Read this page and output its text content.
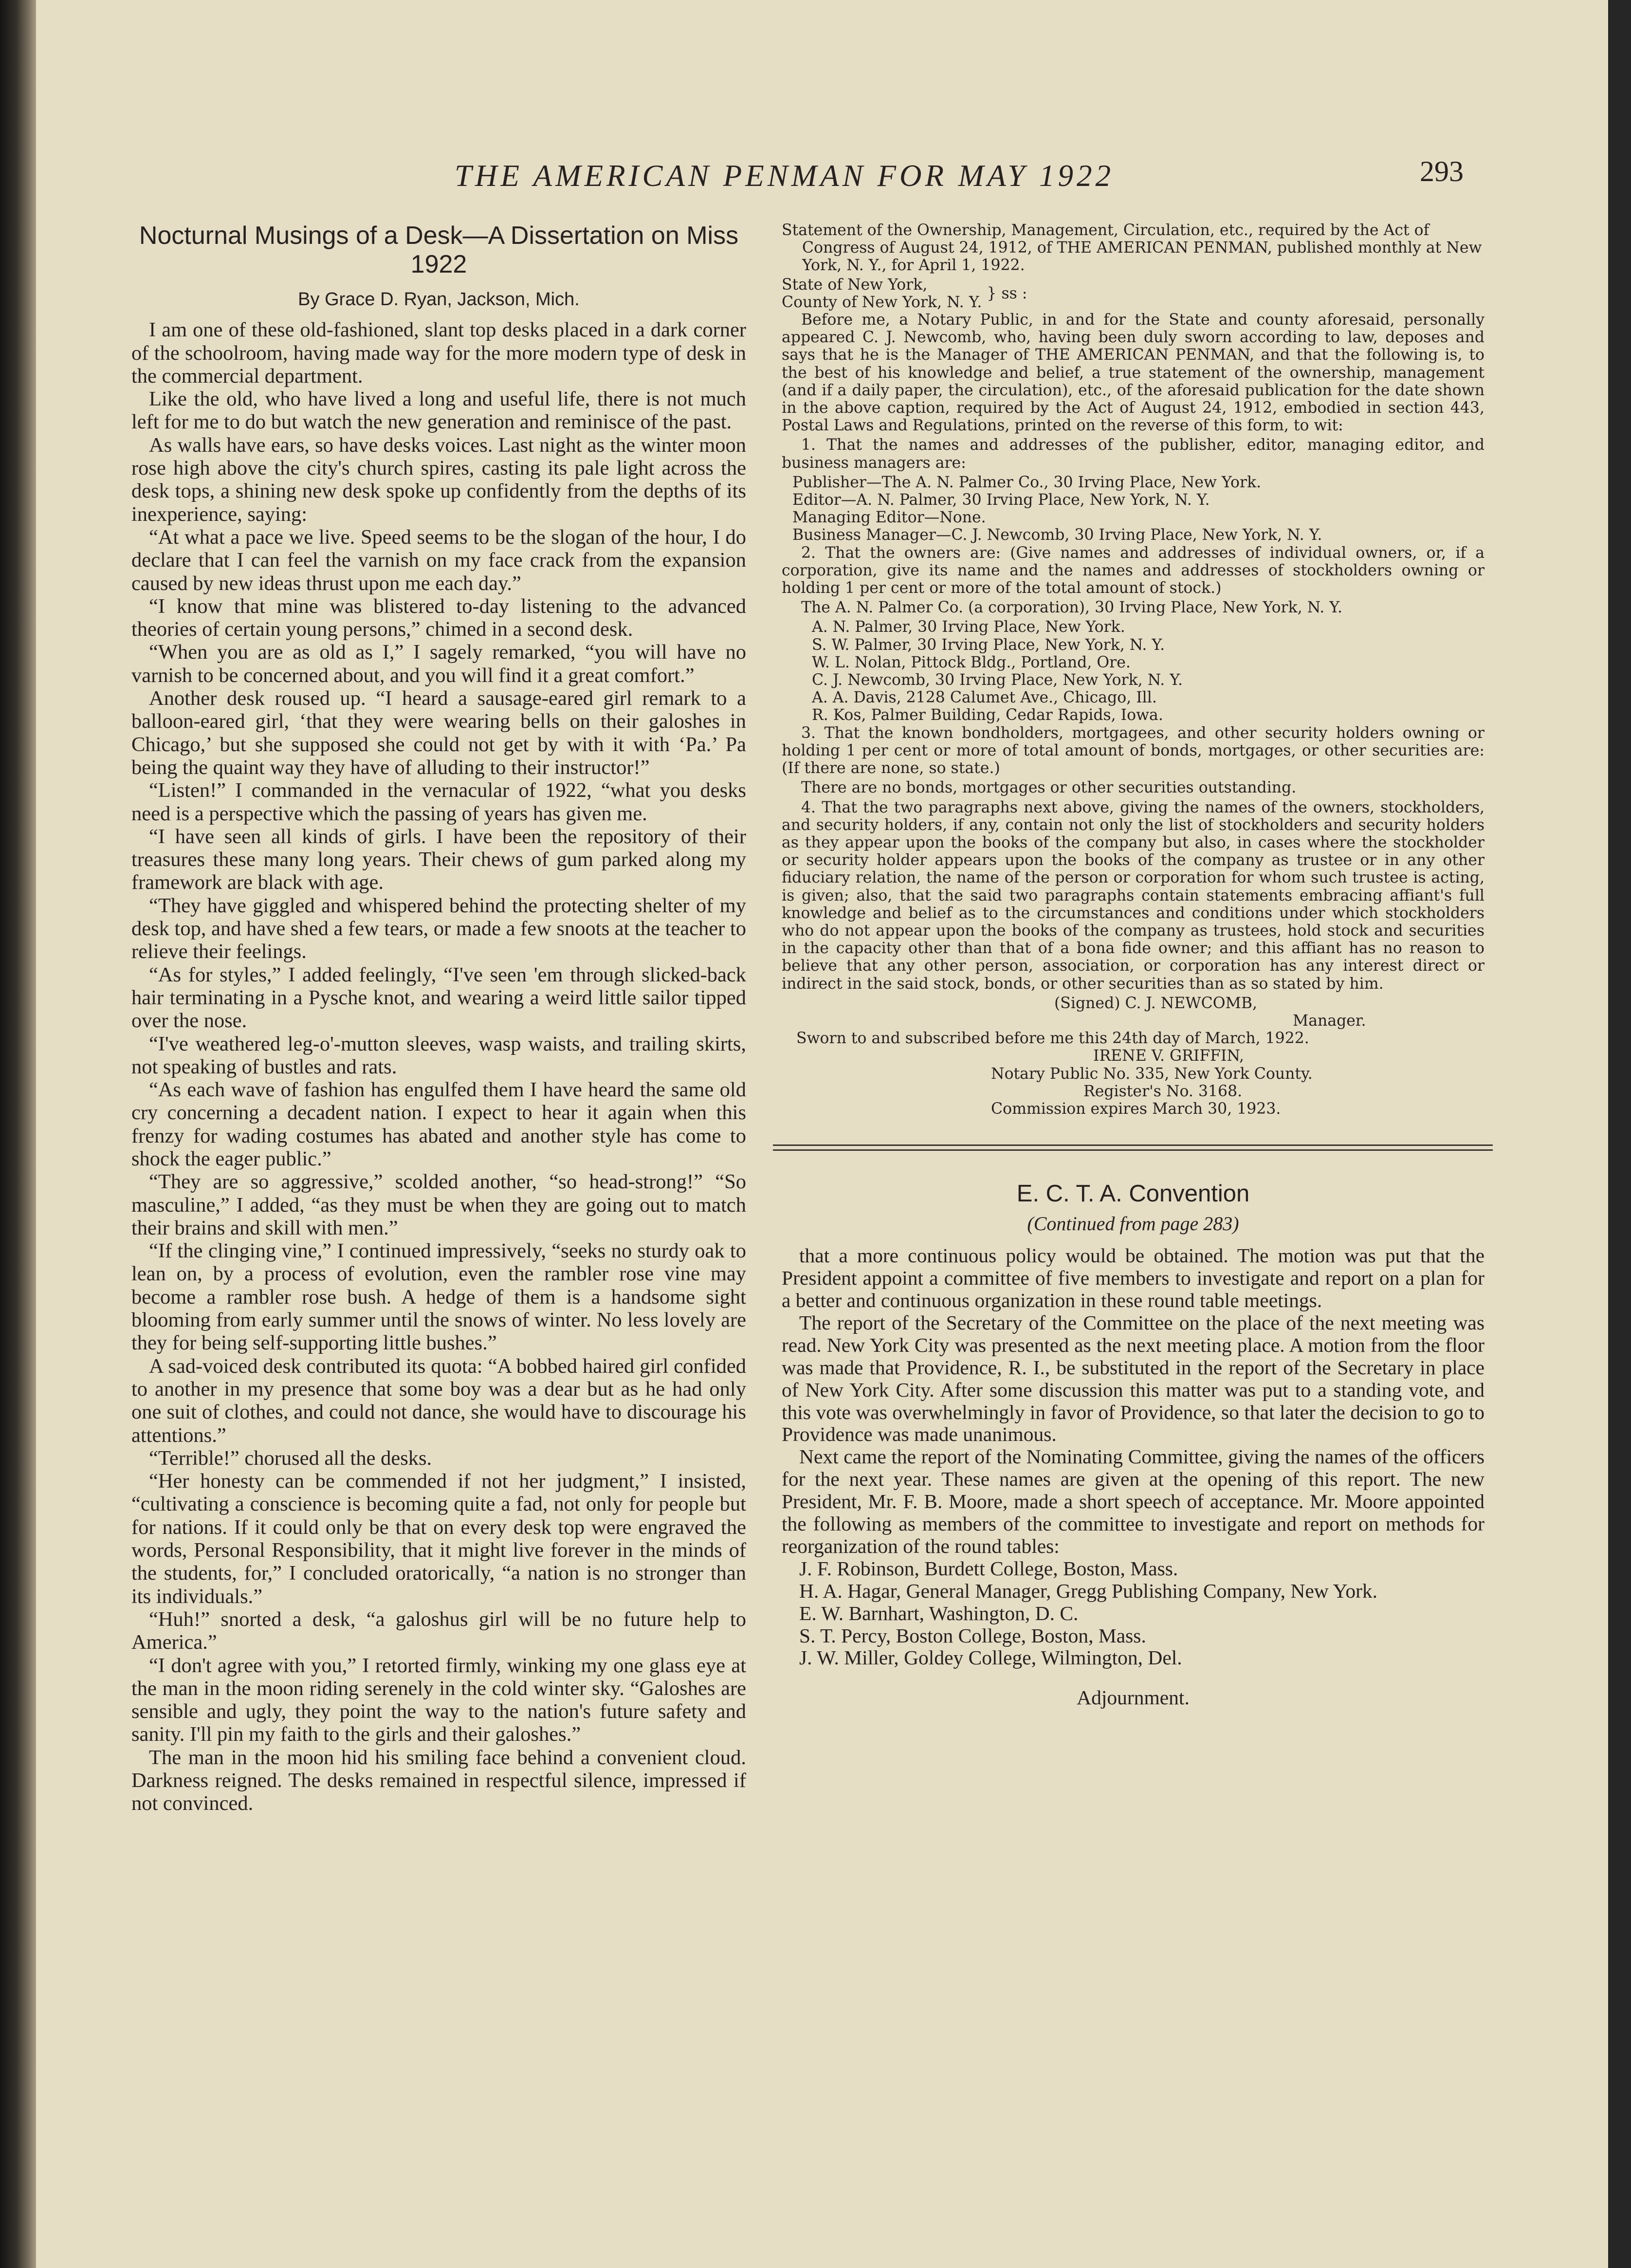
THE AMERICAN PENMAN FOR MAY 1922	293
Nocturnal Musings of a Desk—A Dissertation on Miss 1922
By Grace D. Ryan, Jackson, Mich.

I am one of these old-fashioned, slant top desks placed in a dark corner of the schoolroom, having made way for the more modern type of desk in the commercial department.

Like the old, who have lived a long and useful life, there is not much left for me to do but watch the new generation and reminisce of the past.

As walls have ears, so have desks voices. Last night as the winter moon rose high above the city's church spires, casting its pale light across the desk tops, a shining new desk spoke up confidently from the depths of its inexperience, saying:

“At what a pace we live. Speed seems to be the slogan of the hour, I do declare that I can feel the varnish on my face crack from the expansion caused by new ideas thrust upon me each day.”

“I know that mine was blistered to-day listening to the advanced theories of certain young persons,” chimed in a second desk.

“When you are as old as I,” I sagely remarked, “you will have no varnish to be concerned about, and you will find it a great comfort.”

Another desk roused up. “I heard a sausage-eared girl remark to a balloon-eared girl, ‘that they were wearing bells on their galoshes in Chicago,’ but she supposed she could not get by with it with ‘Pa.’ Pa being the quaint way they have of alluding to their instructor!”

“Listen!” I commanded in the vernacular of 1922, “what you desks need is a perspective which the passing of years has given me.

“I have seen all kinds of girls. I have been the repository of their treasures these many long years. Their chews of gum parked along my framework are black with age.

“They have giggled and whispered behind the protecting shelter of my desk top, and have shed a few tears, or made a few snoots at the teacher to relieve their feelings.

“As for styles,” I added feelingly, “I've seen 'em through slicked-back hair terminating in a Pysche knot, and wearing a weird little sailor tipped over the nose.

“I've weathered leg-o'-mutton sleeves, wasp waists, and trailing skirts, not speaking of bustles and rats.

“As each wave of fashion has engulfed them I have heard the same old cry concerning a decadent nation. I expect to hear it again when this frenzy for wading costumes has abated and another style has come to shock the eager public.”

“They are so aggressive,” scolded another, “so head-strong!” “So masculine,” I added, “as they must be when they are going out to match their brains and skill with men.”

“If the clinging vine,” I continued impressively, “seeks no sturdy oak to lean on, by a process of evolution, even the rambler rose vine may become a rambler rose bush. A hedge of them is a handsome sight blooming from early summer until the snows of winter. No less lovely are they for being self-supporting little bushes.”

A sad-voiced desk contributed its quota: “A bobbed haired girl confided to another in my presence that some boy was a dear but as he had only one suit of clothes, and could not dance, she would have to discourage his attentions.”

“Terrible!” chorused all the desks.

“Her honesty can be commended if not her judgment,” I insisted, “cultivating a conscience is becoming quite a fad, not only for people but for nations. If it could only be that on every desk top were engraved the words, Personal Responsibility, that it might live forever in the minds of the students, for,” I concluded oratorically, “a nation is no stronger than its individuals.”

“Huh!” snorted a desk, “a galoshus girl will be no future help to America.”

“I don't agree with you,” I retorted firmly, winking my one glass eye at the man in the moon riding serenely in the cold winter sky. “Galoshes are sensible and ugly, they point the way to the nation's future safety and sanity. I'll pin my faith to the girls and their galoshes.”

The man in the moon hid his smiling face behind a convenient cloud. Darkness reigned. The desks remained in respectful silence, impressed if not convinced.

Statement of the Ownership, Management, Circulation, etc., required by the Act of Congress of August 24, 1912, of THE AMERICAN PENMAN, published monthly at New York, N. Y., for April 1, 1922.

State of New York,
County of New York, N. Y.
} ss :

Before me, a Notary Public, in and for the State and county aforesaid, personally appeared C. J. Newcomb, who, having been duly sworn according to law, deposes and says that he is the Manager of THE AMERICAN PENMAN, and that the following is, to the best of his knowledge and belief, a true statement of the ownership, management (and if a daily paper, the circulation), etc., of the aforesaid publication for the date shown in the above caption, required by the Act of August 24, 1912, embodied in section 443, Postal Laws and Regulations, printed on the reverse of this form, to wit:

1. That the names and addresses of the publisher, editor, managing editor, and business managers are:

Publisher—The A. N. Palmer Co., 30 Irving Place, New York.

Editor—A. N. Palmer, 30 Irving Place, New York, N. Y.

Managing Editor—None.

Business Manager—C. J. Newcomb, 30 Irving Place, New York, N. Y.

2. That the owners are: (Give names and addresses of individual owners, or, if a corporation, give its name and the names and addresses of stockholders owning or holding 1 per cent or more of the total amount of stock.)

The A. N. Palmer Co. (a corporation), 30 Irving Place, New York, N. Y.

A. N. Palmer, 30 Irving Place, New York.

S. W. Palmer, 30 Irving Place, New York, N. Y.

W. L. Nolan, Pittock Bldg., Portland, Ore.

C. J. Newcomb, 30 Irving Place, New York, N. Y.

A. A. Davis, 2128 Calumet Ave., Chicago, Ill.

R. Kos, Palmer Building, Cedar Rapids, Iowa.

3. That the known bondholders, mortgagees, and other security holders owning or holding 1 per cent or more of total amount of bonds, mortgages, or other securities are: (If there are none, so state.)

There are no bonds, mortgages or other securities outstanding.

4. That the two paragraphs next above, giving the names of the owners, stockholders, and security holders, if any, contain not only the list of stockholders and security holders as they appear upon the books of the company but also, in cases where the stockholder or security holder appears upon the books of the company as trustee or in any other fiduciary relation, the name of the person or corporation for whom such trustee is acting, is given; also, that the said two paragraphs contain statements embracing affiant's full knowledge and belief as to the circumstances and conditions under which stockholders who do not appear upon the books of the company as trustees, hold stock and securities in the capacity other than that of a bona fide owner; and this affiant has no reason to believe that any other person, association, or corporation has any interest direct or indirect in the said stock, bonds, or other securities than as so stated by him.

(Signed) C. J. NEWCOMB,
Manager.
Sworn to and subscribed before me this 24th day of March, 1922.
IRENE V. GRIFFIN,
Notary Public No. 335, New York County.
Register's No. 3168.
Commission expires March 30, 1923.
E. C. T. A. Convention
(Continued from page 283)

that a more continuous policy would be obtained. The motion was put that the President appoint a committee of five members to investigate and report on a plan for a better and continuous organization in these round table meetings.

The report of the Secretary of the Committee on the place of the next meeting was read. New York City was presented as the next meeting place. A motion from the floor was made that Providence, R. I., be substituted in the report of the Secretary in place of New York City. After some discussion this matter was put to a standing vote, and this vote was overwhelmingly in favor of Providence, so that later the decision to go to Providence was made unanimous.

Next came the report of the Nominating Committee, giving the names of the officers for the next year. These names are given at the opening of this report. The new President, Mr. F. B. Moore, made a short speech of acceptance. Mr. Moore appointed the following as members of the committee to investigate and report on methods for reorganization of the round tables:

J. F. Robinson, Burdett College, Boston, Mass.

H. A. Hagar, General Manager, Gregg Publishing Company, New York.

E. W. Barnhart, Washington, D. C.

S. T. Percy, Boston College, Boston, Mass.

J. W. Miller, Goldey College, Wilmington, Del.

Adjournment.
